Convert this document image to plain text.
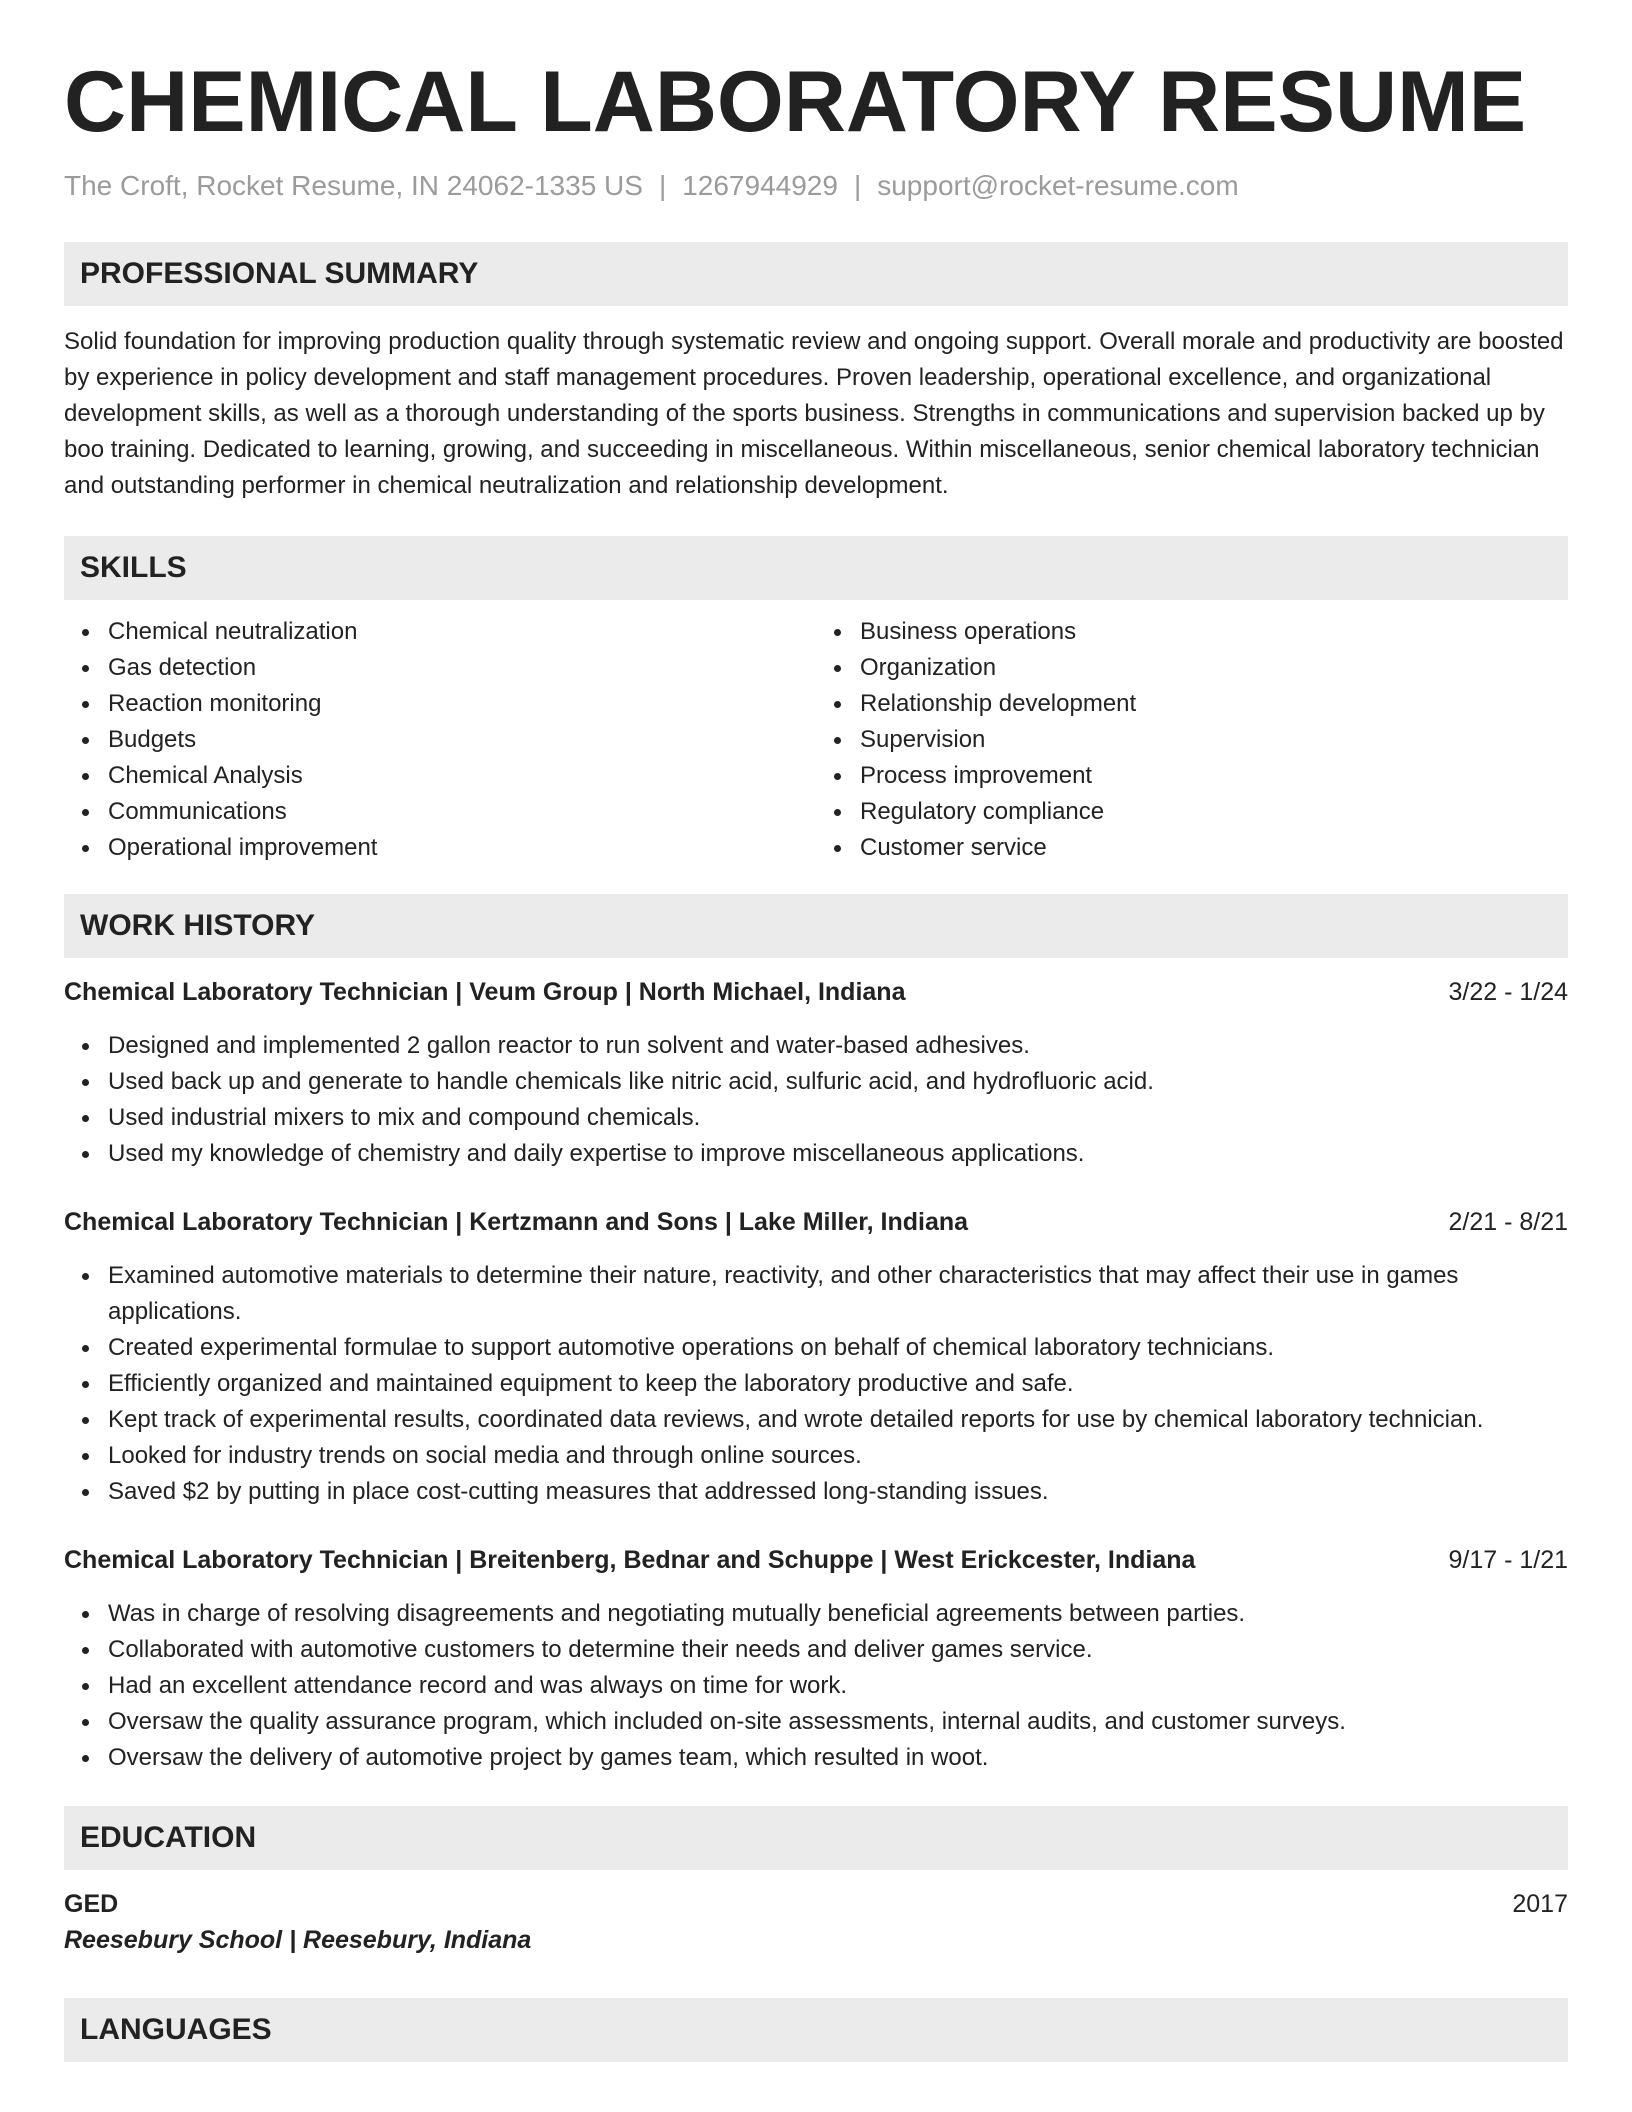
CHEMICAL LABORATORY RESUME
The Croft, Rocket Resume, IN 24062-1335 US | 1267944929 | support@rocket-resume.com
PROFESSIONAL SUMMARY

Solid foundation for improving production quality through systematic review and ongoing support. Overall morale and productivity are boosted by experience in policy development and staff management procedures. Proven leadership, operational excellence, and organizational development skills, as well as a thorough understanding of the sports business. Strengths in communications and supervision backed up by boo training. Dedicated to learning, growing, and succeeding in miscellaneous. Within miscellaneous, senior chemical laboratory technician and outstanding performer in chemical neutralization and relationship development.

SKILLS
Chemical neutralization
Gas detection
Reaction monitoring
Budgets
Chemical Analysis
Communications
Operational improvement
Business operations
Organization
Relationship development
Supervision
Process improvement
Regulatory compliance
Customer service
WORK HISTORY
Chemical Laboratory Technician | Veum Group | North Michael, Indiana	3/22 - 1/24
Designed and implemented 2 gallon reactor to run solvent and water-based adhesives.
Used back up and generate to handle chemicals like nitric acid, sulfuric acid, and hydrofluoric acid.
Used industrial mixers to mix and compound chemicals.
Used my knowledge of chemistry and daily expertise to improve miscellaneous applications.
Chemical Laboratory Technician | Kertzmann and Sons | Lake Miller, Indiana	2/21 - 8/21
Examined automotive materials to determine their nature, reactivity, and other characteristics that may affect their use in games applications.
Created experimental formulae to support automotive operations on behalf of chemical laboratory technicians.
Efficiently organized and maintained equipment to keep the laboratory productive and safe.
Kept track of experimental results, coordinated data reviews, and wrote detailed reports for use by chemical laboratory technician.
Looked for industry trends on social media and through online sources.
Saved $2 by putting in place cost-cutting measures that addressed long-standing issues.
Chemical Laboratory Technician | Breitenberg, Bednar and Schuppe | West Erickcester, Indiana	9/17 - 1/21
Was in charge of resolving disagreements and negotiating mutually beneficial agreements between parties.
Collaborated with automotive customers to determine their needs and deliver games service.
Had an excellent attendance record and was always on time for work.
Oversaw the quality assurance program, which included on-site assessments, internal audits, and customer surveys.
Oversaw the delivery of automotive project by games team, which resulted in woot.
EDUCATION
GED	2017
Reesebury School | Reesebury, Indiana
LANGUAGES
